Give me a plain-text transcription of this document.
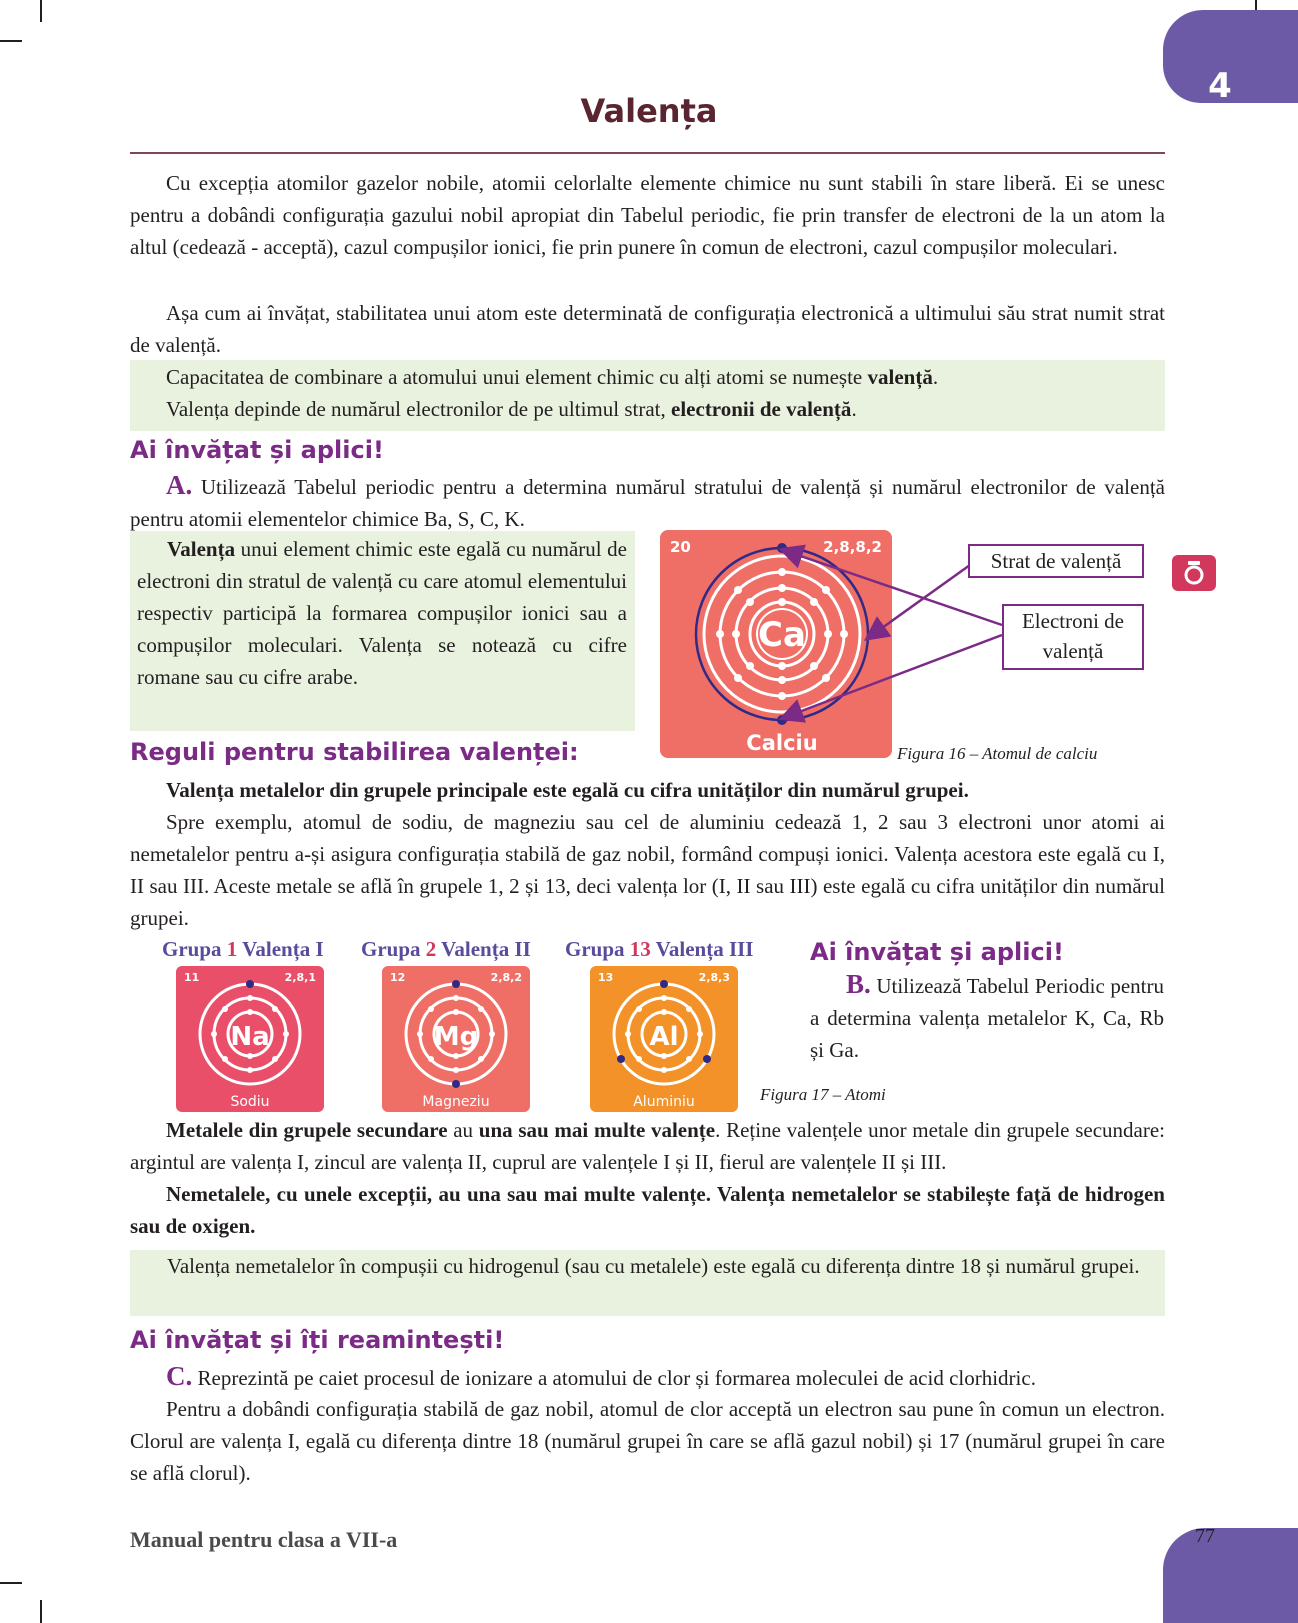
4
Valența

Cu excepția atomilor gazelor nobile, atomii celorlalte elemente chimice nu sunt stabili în stare liberă. Ei se unesc pentru a dobândi configurația gazului nobil apropiat din Tabelul periodic, fie prin transfer de electroni de la un atom la altul (cedează - acceptă), cazul compușilor ionici, fie prin punere în comun de electroni, cazul compușilor moleculari.

Așa cum ai învățat, stabilitatea unui atom este determinată de configurația electronică a ultimului său strat numit strat de valență.

Capacitatea de combinare a atomului unui element chimic cu alți atomi se numește valență.

Valența depinde de numărul electronilor de pe ultimul strat, electronii de valență.

Ai învățat și aplici!

A. Utilizează Tabelul periodic pentru a determina numărul stratului de valență și numărul electronilor de valență pentru atomii elementelor chimice Ba, S, C, K.

Valența unui element chimic este egală cu numărul de electroni din stratul de valență cu care atomul elementului respectiv participă la formarea compușilor ionici sau a compușilor moleculari. Valența se notează cu cifre romane sau cu cifre arabe.

20	2,8,8,2
Ca
Calciu
Strat de valență
Electroni de valență
Figura 16 – Atomul de calciu
Reguli pentru stabilirea valenței:

Valența metalelor din grupele principale este egală cu cifra unităților din numărul grupei.

Spre exemplu, atomul de sodiu, de magneziu sau cel de aluminiu cedează 1, 2 sau 3 electroni unor atomi ai nemetalelor pentru a-și asigura configurația stabilă de gaz nobil, formând compuși ionici. Valența acestora este egală cu I, II sau III. Aceste metale se află în grupele 1, 2 și 13, deci valența lor (I, II sau III) este egală cu cifra unităților din numărul grupei.

Grupa 1 Valența I Grupa 2 Valența II Grupa 13 Valența III
11	2,8,1
Na
Sodiu
12	2,8,2
Mg
Magneziu
13	2,8,3
Al
Aluminiu	Figura 17 – Atomi
Ai învățat și aplici!

B. Utilizează Tabelul Periodic pentru a determina valența metalelor K, Ca, Rb și Ga.

Metalele din grupele secundare au una sau mai multe valențe. Reține valențele unor metale din grupele secundare: argintul are valența I, zincul are valența II, cuprul are valențele I și II, fierul are valențele II și III.

Nemetalele, cu unele excepții, au una sau mai multe valențe. Valența nemetalelor se stabilește față de hidrogen sau de oxigen.

Valența nemetalelor în compușii cu hidrogenul (sau cu metalele) este egală cu diferența dintre 18 și numărul grupei.

Ai învățat și îți reamintești!

C. Reprezintă pe caiet procesul de ionizare a atomului de clor și formarea moleculei de acid clorhidric.

Pentru a dobândi configurația stabilă de gaz nobil, atomul de clor acceptă un electron sau pune în comun un electron. Clorul are valența I, egală cu diferența dintre 18 (numărul grupei în care se află gazul nobil) și 17 (numărul grupei în care se află clorul).

Manual pentru clasa a VII-a	77
